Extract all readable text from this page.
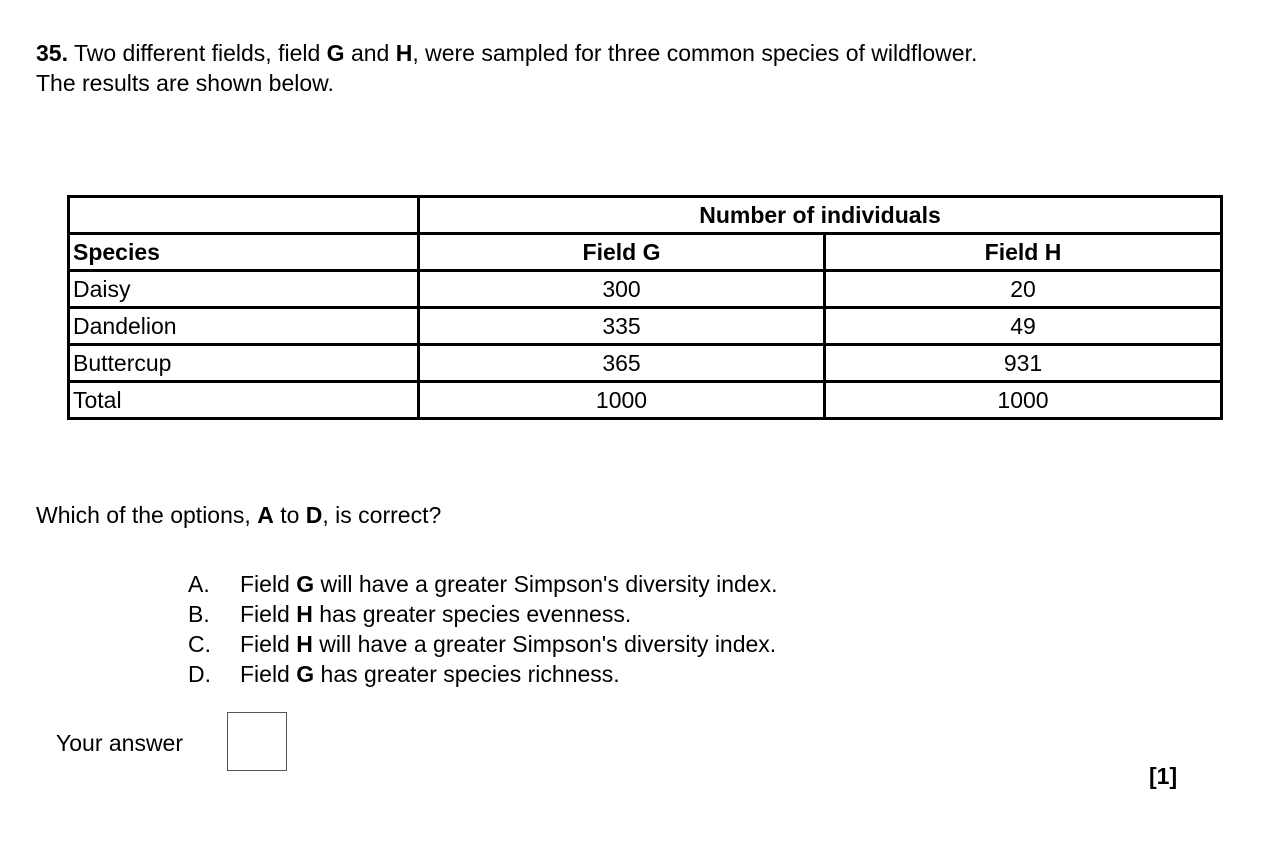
35. Two different fields, field G and H, were sampled for three common species of wildflower.
The results are shown below.
	Number of individuals	
Species	Field G	Field H
Daisy	300	20
Dandelion	335	49
Buttercup	365	931
Total	1000	1000
Which of the options, A to D, is correct?
A.	Field G will have a greater Simpson's diversity index.
B.	Field H has greater species evenness.
C.	Field H will have a greater Simpson's diversity index.
D.	Field G has greater species richness.
Your answer
[1]
